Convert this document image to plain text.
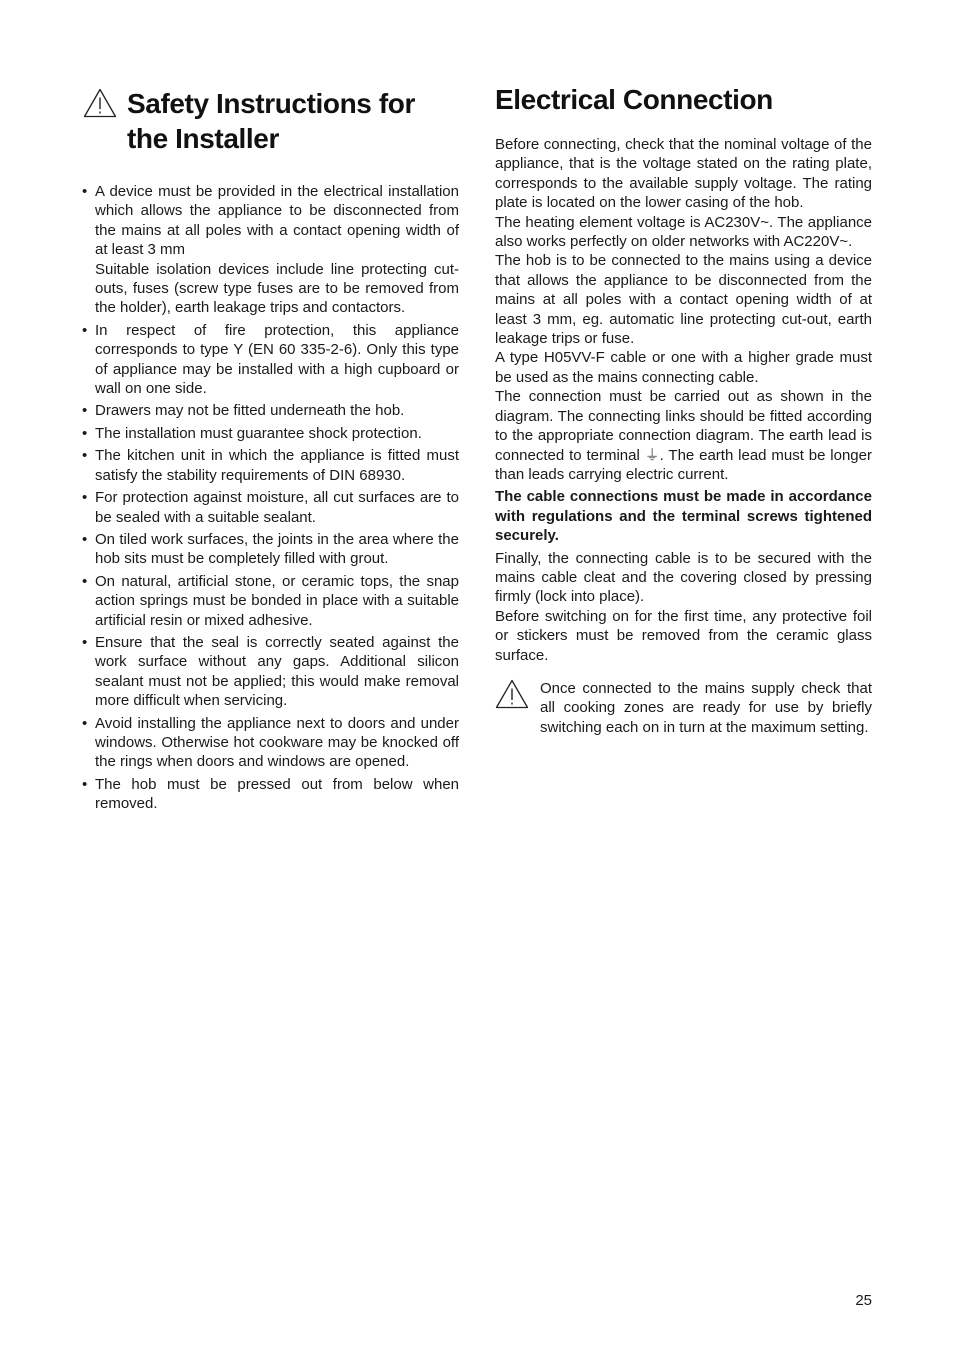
Safety Instructions for
the Installer

• A device must be provided in the electrical installation which allows the appliance to be disconnected from the mains at all poles with a contact opening width of at least 3 mm

Suitable isolation devices include line protecting cut-outs, fuses (screw type fuses are to be removed from the holder), earth leakage trips and contactors.

• In respect of fire protection, this appliance corresponds to type Y (EN 60 335-2-6). Only this type of appliance may be installed with a high cupboard or wall on one side.

• Drawers may not be fitted underneath the hob.

• The installation must guarantee shock protection.

• The kitchen unit in which the appliance is fitted must satisfy the stability requirements of DIN 68930.

• For protection against moisture, all cut surfaces are to be sealed with a suitable sealant.

• On tiled work surfaces, the joints in the area where the hob sits must be completely filled with grout.

• On natural, artificial stone, or ceramic tops, the snap action springs must be bonded in place with a suitable artificial resin or mixed adhesive.

• Ensure that the seal is correctly seated against the work surface without any gaps. Additional silicon sealant must not be applied; this would make removal more difficult when servicing.

• Avoid installing the appliance next to doors and under windows. Otherwise hot cookware may be knocked off the rings when doors and windows are opened.

• The hob must be pressed out from below when removed.

Electrical Connection

Before connecting, check that the nominal voltage of the appliance, that is the voltage stated on the rating plate, corresponds to the available supply voltage. The rating plate is located on the lower casing of the hob.

The heating element voltage is AC230V~. The appliance also works perfectly on older networks with AC220V~.

The hob is to be connected to the mains using a device that allows the appliance to be disconnected from the mains at all poles with a contact opening width of at least 3 mm, eg. automatic line protecting cut-out, earth leakage trips or fuse.

A type H05VV-F cable or one with a higher grade must be used as the mains connecting cable.

The connection must be carried out as shown in the diagram. The connecting links should be fitted according to the appropriate connection diagram. The earth lead is connected to terminal ⏚. The earth lead must be longer than leads carrying electric current.

The cable connections must be made in accordance with regulations and the terminal screws tightened securely.

Finally, the connecting cable is to be secured with the mains cable cleat and the covering closed by pressing firmly (lock into place).

Before switching on for the first time, any protective foil or stickers must be removed from the ceramic glass surface.

Once connected to the mains supply check that all cooking zones are ready for use by briefly switching each on in turn at the maximum setting.

25
